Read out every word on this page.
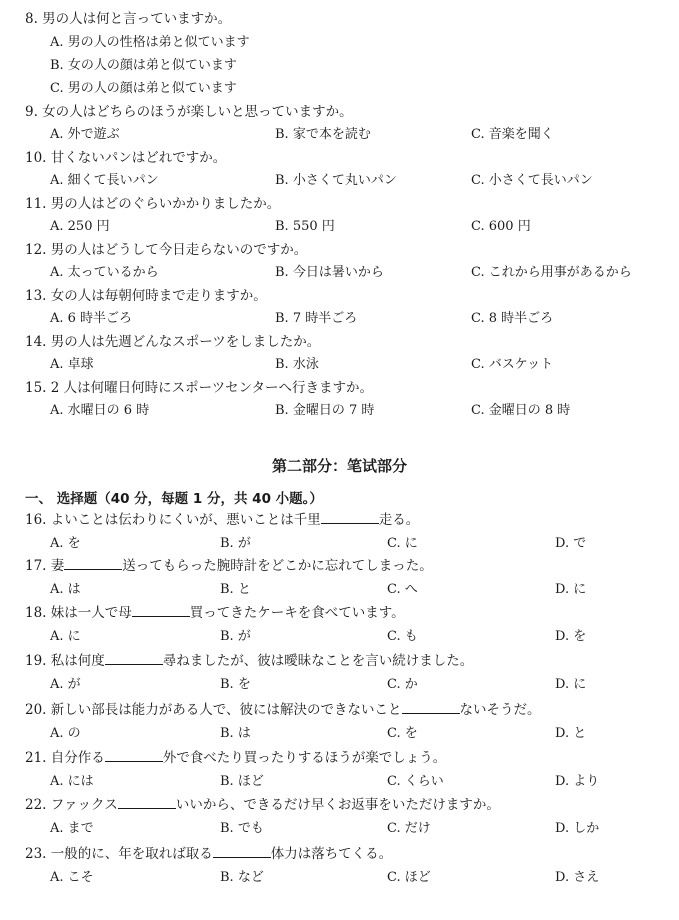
8. 男の人は何と言っていますか。
A. 男の人の性格は弟と似ています
B. 女の人の顔は弟と似ています
C. 男の人の顔は弟と似ています
9. 女の人はどちらのほうが楽しいと思っていますか。
A. 外で遊ぶ	B. 家で本を読む	C. 音楽を聞く
10. 甘くないパンはどれですか。
A. 細くて長いパン	B. 小さくて丸いパン	C. 小さくて長いパン
11. 男の人はどのぐらいかかりましたか。
A. 250 円	B. 550 円	C. 600 円
12. 男の人はどうして今日走らないのですか。
A. 太っているから	B. 今日は暑いから	C. これから用事があるから
13. 女の人は毎朝何時まで走りますか。
A. 6 時半ごろ	B. 7 時半ごろ	C. 8 時半ごろ
14. 男の人は先週どんなスポーツをしましたか。
A. 卓球	B. 水泳	C. バスケット
15. 2 人は何曜日何時にスポーツセンターへ行きますか。
A. 水曜日の 6 時	B. 金曜日の 7 時	C. 金曜日の 8 時
第二部分：笔试部分
一、 选择题（40 分，每题 1 分，共 40 小题。）
16. よいことは伝わりにくいが、悪いことは千里	走る。
A. を	B. が	C. に	D. で
17. 妻	送ってもらった腕時計をどこかに忘れてしまった。
A. は	B. と	C. へ	D. に
18. 妹は一人で母	買ってきたケーキを食べています。
A. に	B. が	C. も	D. を
19. 私は何度	尋ねましたが、彼は曖昧なことを言い続けました。
A. が	B. を	C. か	D. に
20. 新しい部長は能力がある人で、彼には解決のできないこと	ないそうだ。
A. の	B. は	C. を	D. と
21. 自分作る	外で食べたり買ったりするほうが楽でしょう。
A. には	B. ほど	C. くらい	D. より
22. ファックス	いいから、できるだけ早くお返事をいただけますか。
A. まで	B. でも	C. だけ	D. しか
23. 一般的に、年を取れば取る	体力は落ちてくる。
A. こそ	B. など	C. ほど	D. さえ
